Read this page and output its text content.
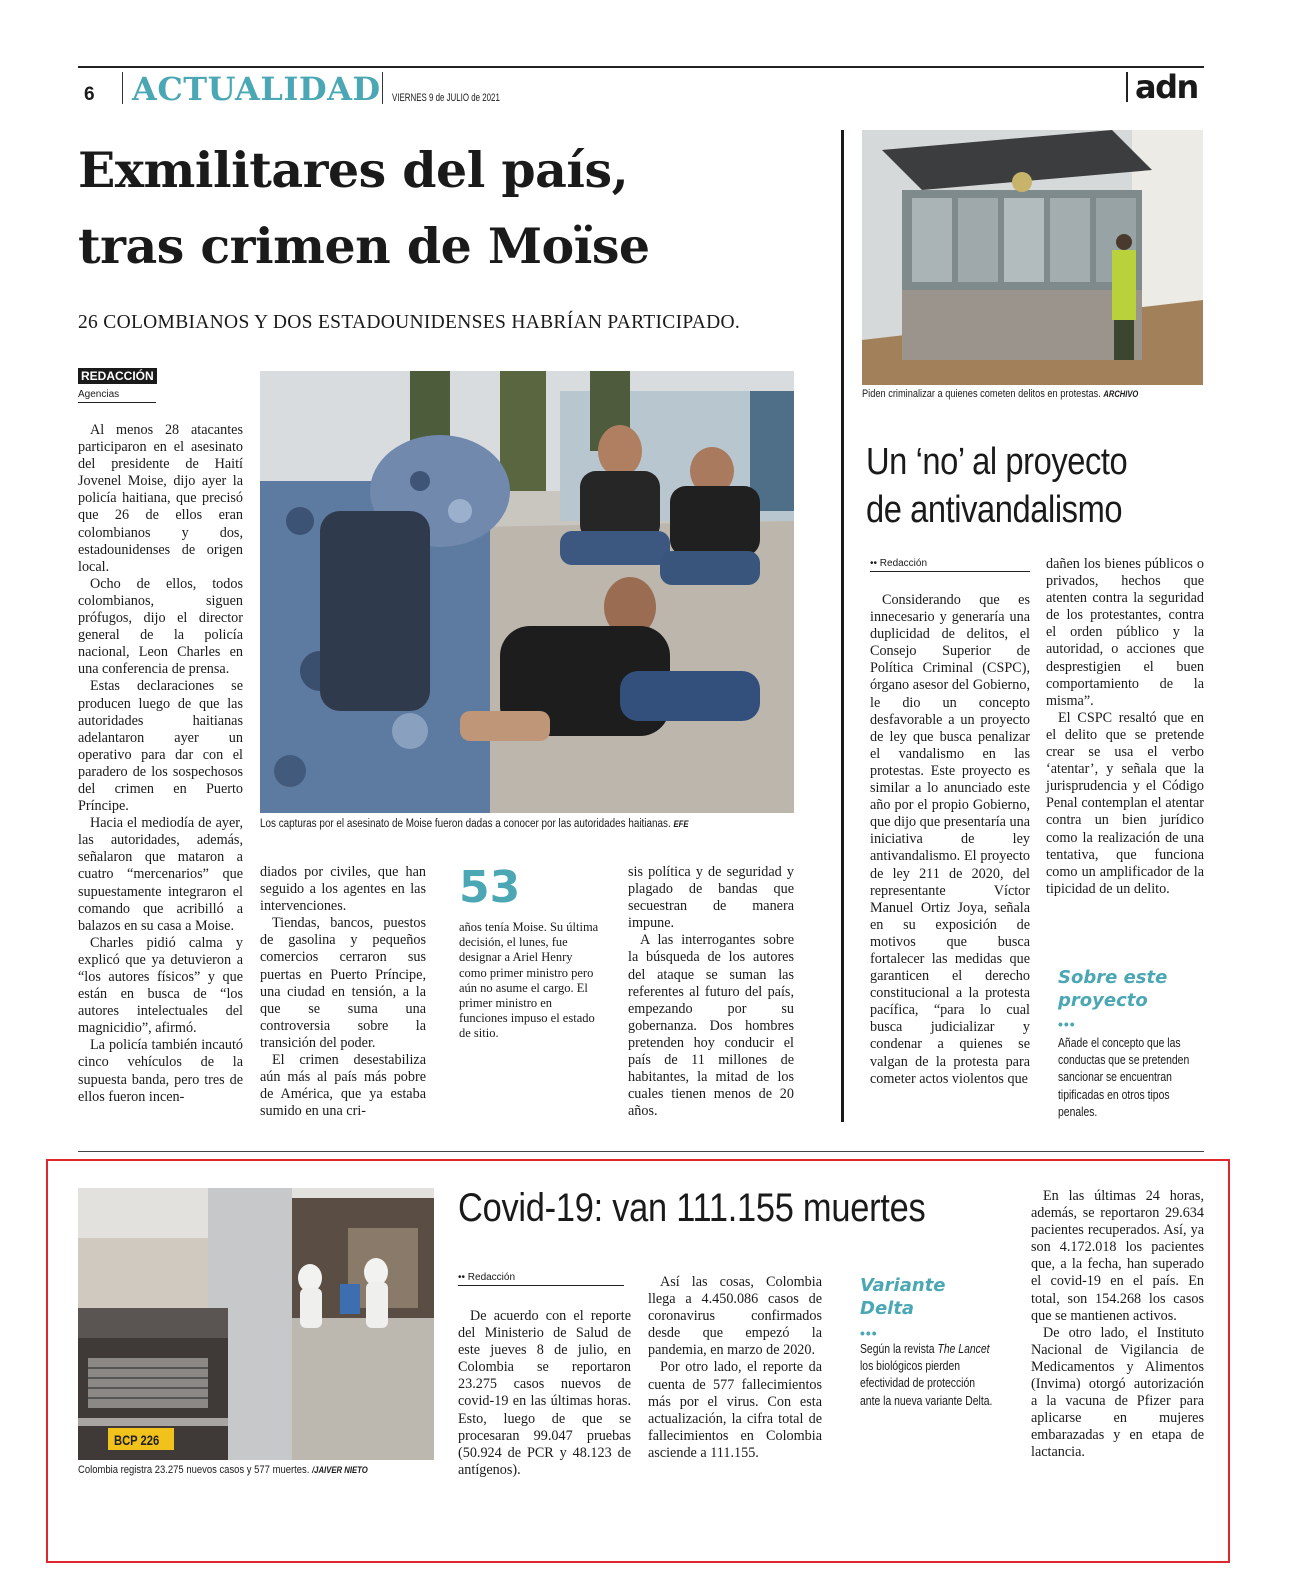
6 ACTUALIDAD VIERNES 9 de JULIO de 2021	adn
Exmilitares del país,
tras crimen de Moïse
26 COLOMBIANOS Y DOS ESTADOUNIDENSES HABRÍAN PARTICIPADO.
REDACCIÓN
Agencias
Los capturas por el asesinato de Moise fueron dadas a conocer por las autoridades haitianas. EFE

Al menos 28 atacantes participaron en el asesinato del presidente de Haití Jovenel Moise, dijo ayer la policía haitiana, que precisó que 26 de ellos eran colombianos y dos, estadounidenses de origen local.

Ocho de ellos, todos colombianos, siguen prófugos, dijo el director general de la policía nacional, Leon Charles en una conferencia de prensa.

Estas declaraciones se producen luego de que las autoridades haitianas adelantaron ayer un operativo para dar con el paradero de los sospechosos del crimen en Puerto Príncipe.

Hacia el mediodía de ayer, las autoridades, además, señalaron que mataron a cuatro “mercenarios” que supuestamente integraron el comando que acribilló a balazos en su casa a Moise.

Charles pidió calma y explicó que ya detuvieron a “los autores físicos” y que están en busca de “los autores intelectuales del magnicidio”, afirmó.

La policía también incautó cinco vehículos de la supuesta banda, pero tres de ellos fueron incen-

diados por civiles, que han seguido a los agentes en las intervenciones.

Tiendas, bancos, puestos de gasolina y pequeños comercios cerraron sus puertas en Puerto Príncipe, una ciudad en tensión, a la que se suma una controversia sobre la transición del poder.

El crimen desestabiliza aún más al país más pobre de América, que ya estaba sumido en una cri-

53
años tenía Moise. Su última decisión, el lunes, fue designar a Ariel Henry como primer ministro pero aún no asume el cargo. El primer ministro en funciones impuso el estado de sitio.

sis política y de seguridad y plagado de bandas que secuestran de manera impune.

A las interrogantes sobre la búsqueda de los autores del ataque se suman las referentes al futuro del país, empezando por su gobernanza. Dos hombres pretenden hoy conducir el país de 11 millones de habitantes, la mitad de los cuales tienen menos de 20 años.

Piden criminalizar a quienes cometen delitos en protestas. ARCHIVO
Un ‘no’ al proyecto
de antivandalismo
•• Redacción

Considerando que es innecesario y generaría una duplicidad de delitos, el Consejo Superior de Política Criminal (CSPC), órgano asesor del Gobierno, le dio un concepto desfavorable a un proyecto de ley que busca penalizar el vandalismo en las protestas. Este proyecto es similar a lo anunciado este año por el propio Gobierno, que dijo que presentaría una iniciativa de ley antivandalismo. El proyecto de ley 211 de 2020, del representante Víctor Manuel Ortiz Joya, señala en su exposición de motivos que busca fortalecer las medidas que garanticen el derecho constitucional a la protesta pacífica, “para lo cual busca judicializar y condenar a quienes se valgan de la protesta para cometer actos violentos que

dañen los bienes públicos o privados, hechos que atenten contra la seguridad de los protestantes, contra el orden público y la autoridad, o acciones que desprestigien el buen comportamiento de la misma”.

El CSPC resaltó que en el delito que se pretende crear se usa el verbo ‘atentar’, y señala que la jurisprudencia y el Código Penal contemplan el atentar contra un bien jurídico como la realización de una tentativa, que funciona como un amplificador de la tipicidad de un delito.

Sobre este
proyecto
•••
Añade el concepto que las conductas que se pretenden sancionar se encuentran tipificadas en otros tipos penales.
BCP 226
Colombia registra 23.275 nuevos casos y 577 muertes. /JAIVER NIETO
Covid-19: van 111.155 muertes
•• Redacción

De acuerdo con el reporte del Ministerio de Salud de este jueves 8 de julio, en Colombia se reportaron 23.275 casos nuevos de covid-19 en las últimas horas. Esto, luego de que se procesaran 99.047 pruebas (50.924 de PCR y 48.123 de antígenos).

Así las cosas, Colombia llega a 4.450.086 casos de coronavirus confirmados desde que empezó la pandemia, en marzo de 2020.

Por otro lado, el reporte da cuenta de 577 fallecimientos más por el virus. Con esta actualización, la cifra total de fallecimientos en Colombia asciende a 111.155.

Variante
Delta
•••
Según la revista The Lancet los biológicos pierden efectividad de protección ante la nueva variante Delta.

En las últimas 24 horas, además, se reportaron 29.634 pacientes recuperados. Así, ya son 4.172.018 los pacientes que, a la fecha, han superado el covid-19 en el país. En total, son 154.268 los casos que se mantienen activos.

De otro lado, el Instituto Nacional de Vigilancia de Medicamentos y Alimentos (Invima) otorgó autorización a la vacuna de Pfizer para aplicarse en mujeres embarazadas y en etapa de lactancia.
